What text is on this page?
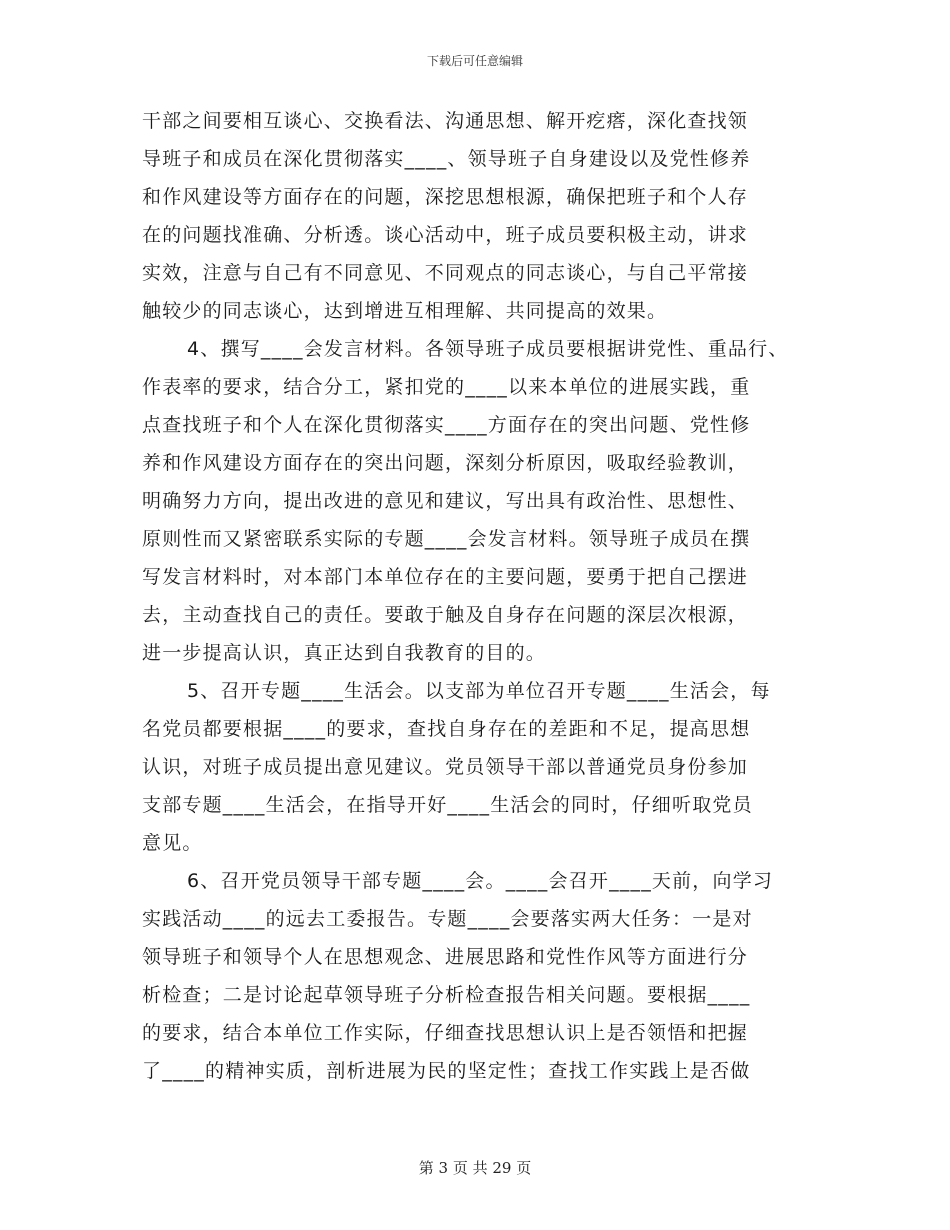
下载后可任意编辑
干部之间要相互谈心、交换看法、沟通思想、解开疙瘩，深化查找领
导班子和成员在深化贯彻落实____、领导班子自身建设以及党性修养
和作风建设等方面存在的问题，深挖思想根源，确保把班子和个人存
在的问题找准确、分析透。谈心活动中，班子成员要积极主动，讲求
实效，注意与自己有不同意见、不同观点的同志谈心，与自己平常接
触较少的同志谈心，达到增进互相理解、共同提高的效果。
4、撰写____会发言材料。各领导班子成员要根据讲党性、重品行、
作表率的要求，结合分工，紧扣党的____以来本单位的进展实践，重
点查找班子和个人在深化贯彻落实____方面存在的突出问题、党性修
养和作风建设方面存在的突出问题，深刻分析原因，吸取经验教训，
明确努力方向，提出改进的意见和建议，写出具有政治性、思想性、
原则性而又紧密联系实际的专题____会发言材料。领导班子成员在撰
写发言材料时，对本部门本单位存在的主要问题，要勇于把自己摆进
去，主动查找自己的责任。要敢于触及自身存在问题的深层次根源，
进一步提高认识，真正达到自我教育的目的。
5、召开专题____生活会。以支部为单位召开专题____生活会，每
名党员都要根据____的要求，查找自身存在的差距和不足，提高思想
认识，对班子成员提出意见建议。党员领导干部以普通党员身份参加
支部专题____生活会，在指导开好____生活会的同时，仔细听取党员
意见。
6、召开党员领导干部专题____会。____会召开____天前，向学习
实践活动____的远去工委报告。专题____会要落实两大任务：一是对
领导班子和领导个人在思想观念、进展思路和党性作风等方面进行分
析检查；二是讨论起草领导班子分析检查报告相关问题。要根据____
的要求，结合本单位工作实际，仔细查找思想认识上是否领悟和把握
了____的精神实质，剖析进展为民的坚定性；查找工作实践上是否做
第 3 页 共 29 页
